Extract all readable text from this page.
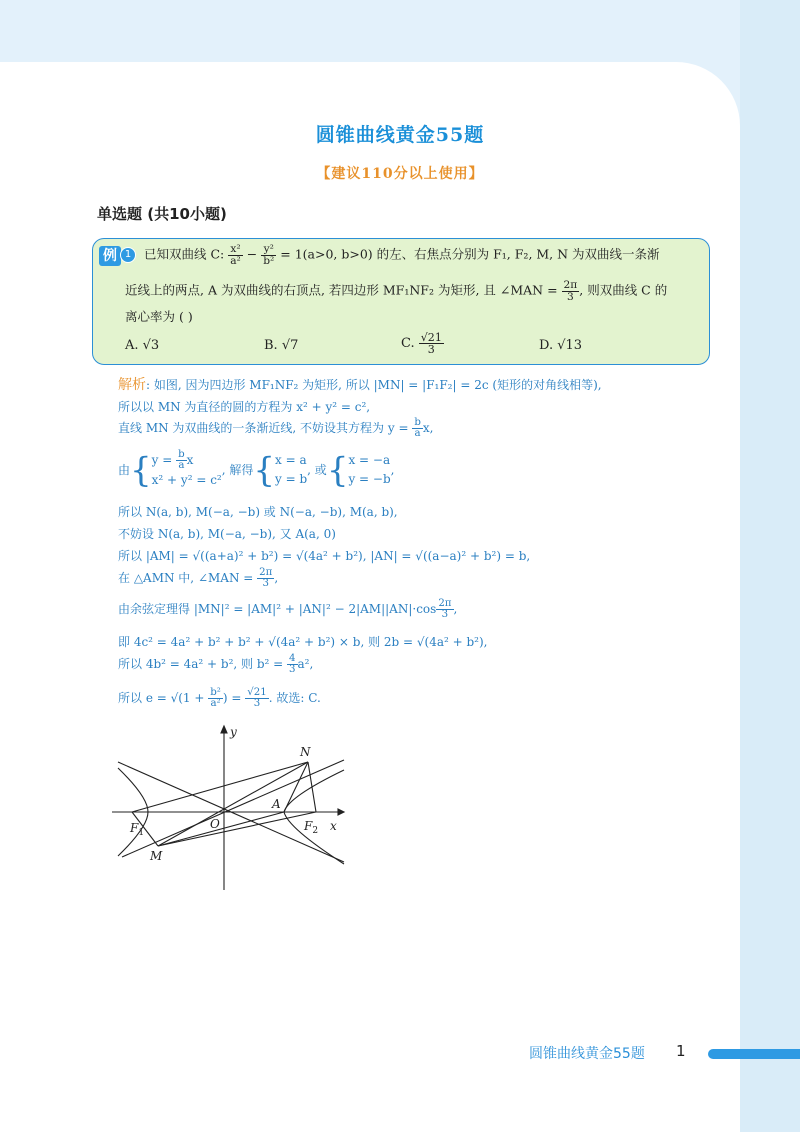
圆锥曲线黄金55题
【建议110分以上使用】
单选题 (共10小题)
例 1	已知双曲线 C: $\frac{\text{x²}}{\text{a²}} - \frac{\text{y²}}{\text{b²}} = 1(a>0$, b>0) 的左、右焦点分别为 F₁, F₂, M, N 为双曲线一条渐
近线上的两点, A 为双曲线的右顶点, 若四边形 MF₁NF₂ 为矩形, 且 ∠MAN = $\frac{2\pi}{3}$ , 则双曲线 C 的
离心率为 ( )
A. √3	B. √7	C. $\frac{√21}{3}$	D. √13
解析: 如图, 因为四边形 MF₁NF₂ 为矩形, 所以 |MN| = |F₁F₂| = 2c (矩形的对角线相等),
所以以 MN 为直径的圆的方程为 x² + y² = c²,
直线 MN 为双曲线的一条渐近线, 不妨设其方程为 $y = \frac{b}{a} x$,
由{ $y = \frac{b}{a}$ x
x² + y² = c²
, 解得{ x = a
y = b
, 或{ x = −a
y = −b
,
所以 N(a, b), M(−a, −b) 或 N(−a, −b), M(a, b),
不妨设 N(a, b), M(−a, −b), 又 A(a, 0)
所以 |AM| = √((a+a)² + b²) = √(4a² + b²), |AN| = √((a−a)² + b²) = b,
在 △AMN 中, ∠MAN = $\frac{2\pi}{3}$ ,
由余弦定理得 $|MN|^2 = |AM|^2 + |AN|^2 - 2|AM||AN|\cdot\cos \frac{2\pi}{3}$ ,
即 4c² = 4a² + b² + b² + √(4a² + b²) × b, 则 2b = √(4a² + b²),
所以 4b² = 4a² + b², 则 $b^2 = \frac{4}{3} a^2$,
所以 $e = √(1 + \frac{\text{b²}}{\text{a²}}$ ) = $\frac{√21}{3}$ . 故选: C.
y
x
O
N
A
M
$F_1$	$F_2$
圆锥曲线黄金55题 1
